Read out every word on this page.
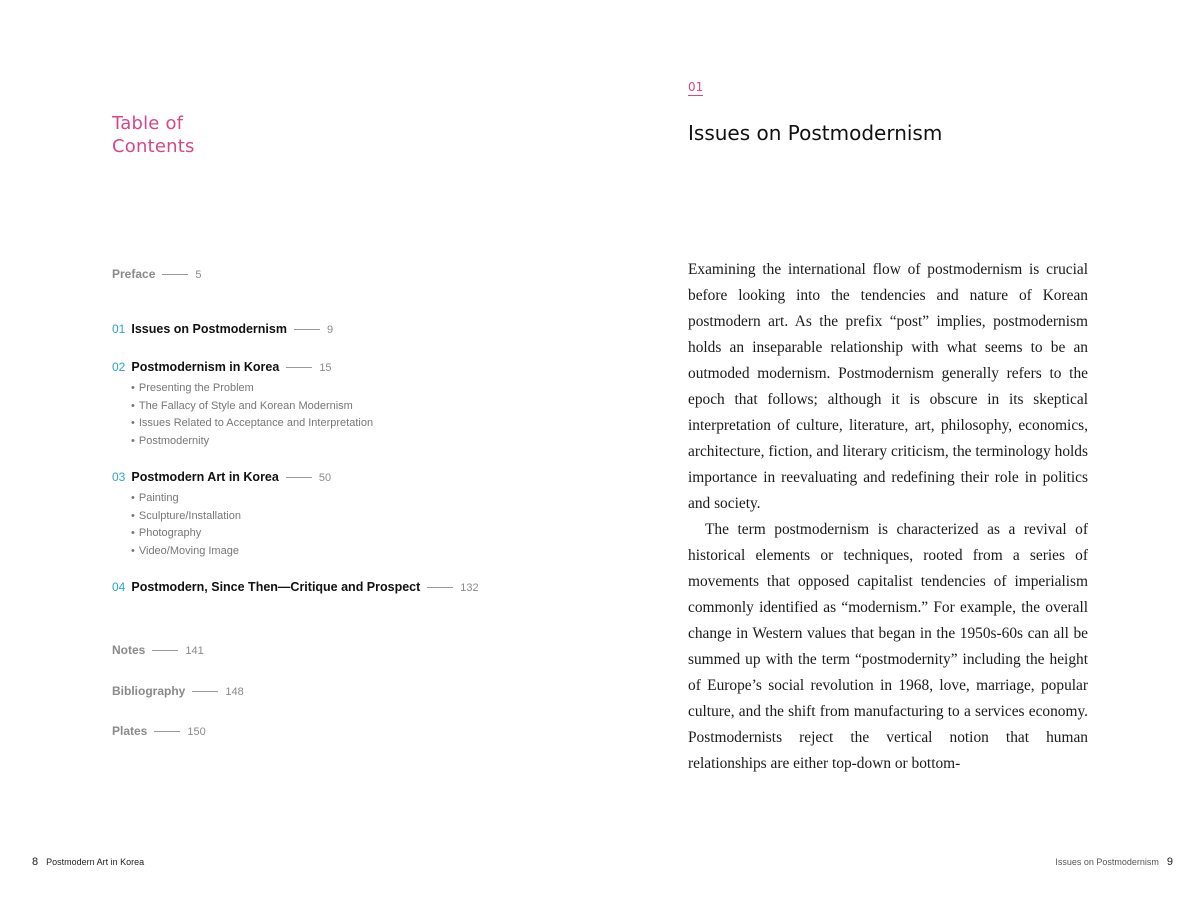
Table of
Contents
Preface	5
01 Issues on Postmodernism	9
02 Postmodernism in Korea	15
• Presenting the Problem
• The Fallacy of Style and Korean Modernism
• Issues Related to Acceptance and Interpretation
• Postmodernity
03 Postmodern Art in Korea	50
• Painting
• Sculpture/Installation
• Photography
• Video/Moving Image
04 Postmodern, Since Then—Critique and Prospect	132
Notes	141
Bibliography	148
Plates	150
8 Postmodern Art in Korea
01
Issues on Postmodernism

Examining the international flow of postmodernism is crucial before looking into the tendencies and nature of Korean postmodern art. As the prefix “post” implies, postmodernism holds an inseparable relationship with what seems to be an outmoded modernism. Postmodernism generally refers to the epoch that follows; although it is obscure in its skeptical interpretation of culture, literature, art, philosophy, economics, architecture, fiction, and literary criticism, the terminology holds importance in reevaluating and redefining their role in politics and society.

The term postmodernism is characterized as a revival of historical elements or techniques, rooted from a series of movements that opposed capitalist tendencies of imperialism commonly identified as “modernism.” For example, the overall change in Western values that began in the 1950s-60s can all be summed up with the term “postmodernity” including the height of Europe’s social revolution in 1968, love, marriage, popular culture, and the shift from manufacturing to a services economy. Postmodernists reject the vertical notion that human relationships are either top-down or bottom-

Issues on Postmodernism 9
